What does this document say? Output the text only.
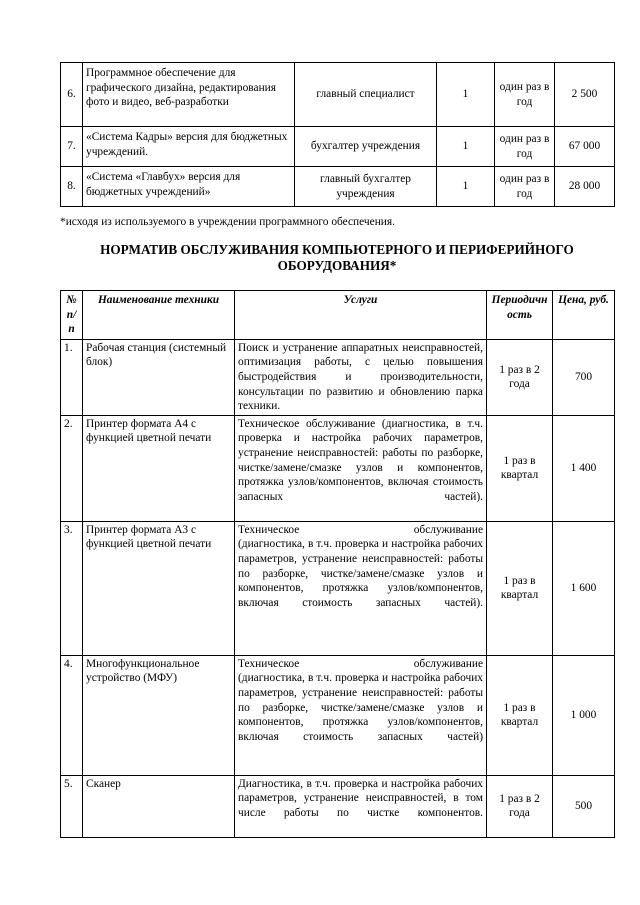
6.	Программное обеспечение для графического дизайна, редактирования фото и видео, веб-разработки	главный специалист	1	один раз в год	2 500
7.	«Система Кадры» версия для бюджетных учреждений.	бухгалтер учреждения	1	один раз в год	67 000
8.	«Система «Главбух» версия для бюджетных учреждений»	главный бухгалтер учреждения	1	один раз в год	28 000
*исходя из используемого в учреждении программного обеспечения.
НОРМАТИВ ОБСЛУЖИВАНИЯ КОМПЬЮТЕРНОГО И ПЕРИФЕРИЙНОГО ОБОРУДОВАНИЯ*
№ п/ п	Наименование техники	Услуги	Периодичн ость	Цена, руб.
1.	Рабочая станция (системный блок)	Поиск и устранение аппаратных неисправностей, оптимизация работы, с целью повышения быстродействия и производительности, консультации по развитию и обновлению парка техники.	1 раз в 2 года	700
2.	Принтер формата А4 с функцией цветной печати	Техническое обслуживание (диагностика, в т.ч. проверка и настройка рабочих параметров, устранение неисправностей: работы по разборке, чистке/замене/смазке узлов и компонентов, протяжка узлов/компонентов, включая стоимость запасных частей).	1 раз в квартал	1 400
3.	Принтер формата А3 с функцией цветной печати	Техническое обслуживание
(диагностика, в т.ч. проверка и настройка рабочих параметров, устранение неисправностей: работы по разборке, чистке/замене/смазке узлов и компонентов, протяжка узлов/компонентов, включая стоимость запасных частей).	1 раз в квартал	1 600
4.	Многофункциональное устройство (МФУ)	Техническое обслуживание
(диагностика, в т.ч. проверка и настройка рабочих параметров, устранение неисправностей: работы по разборке, чистке/замене/смазке узлов и компонентов, протяжка узлов/компонентов, включая стоимость запасных частей)	1 раз в квартал	1 000
5.	Сканер	Диагностика, в т.ч. проверка и настройка рабочих параметров, устранение неисправностей, в том числе работы по чистке компонентов.	1 раз в 2 года	500
